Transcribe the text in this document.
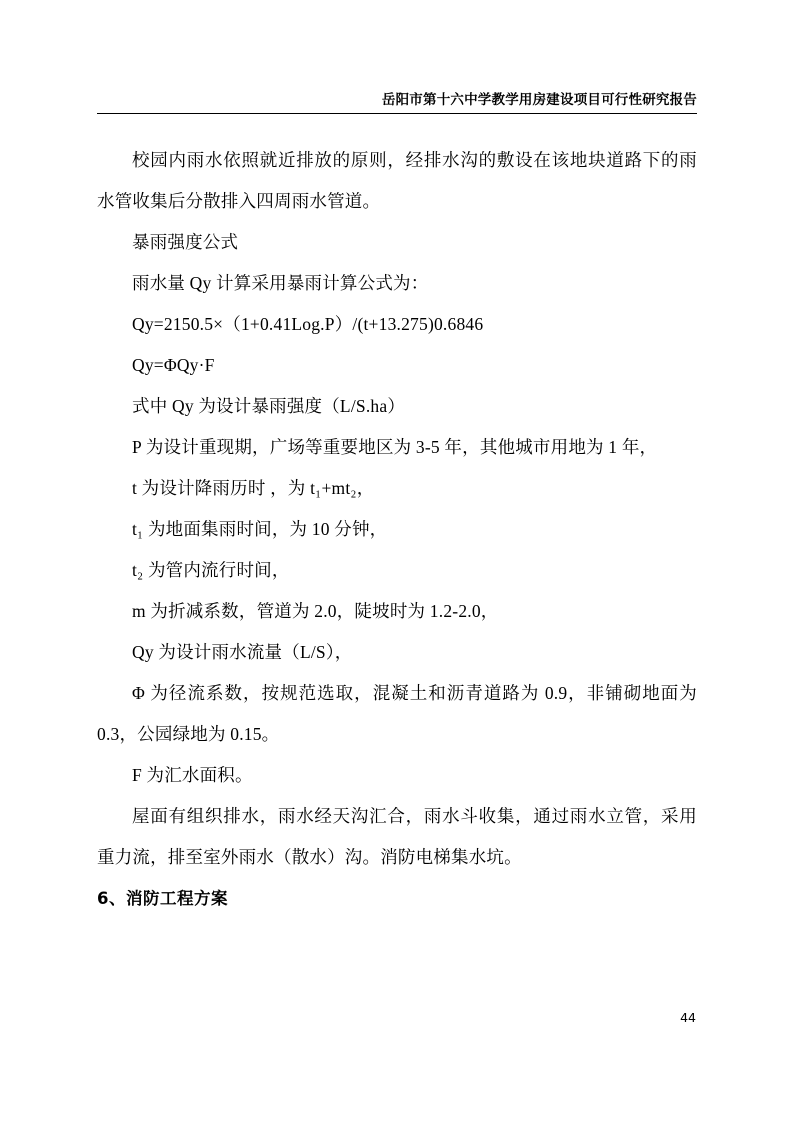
岳阳市第十六中学教学用房建设项目可行性研究报告

校园内雨水依照就近排放的原则，经排水沟的敷设在该地块道路下的雨水管收集后分散排入四周雨水管道。

暴雨强度公式

雨水量 Qy 计算采用暴雨计算公式为：

Qy=2150.5×（1+0.41Log.P）/(t+13.275)0.6846

Qy=ΦQy·F

式中 Qy 为设计暴雨强度（L/S.ha）

P 为设计重现期，广场等重要地区为 3-5 年，其他城市用地为 1 年，

t 为设计降雨历时 ，为 t₁+mt₂，

t₁ 为地面集雨时间，为 10 分钟，

t₂ 为管内流行时间，

m 为折减系数，管道为 2.0，陡坡时为 1.2-2.0，

Qy 为设计雨水流量（L/S），

Φ 为径流系数，按规范选取，混凝土和沥青道路为 0.9，非铺砌地面为 0.3，公园绿地为 0.15。

F 为汇水面积。

屋面有组织排水，雨水经天沟汇合，雨水斗收集，通过雨水立管，采用重力流，排至室外雨水（散水）沟。消防电梯集水坑。

6、消防工程方案

44
